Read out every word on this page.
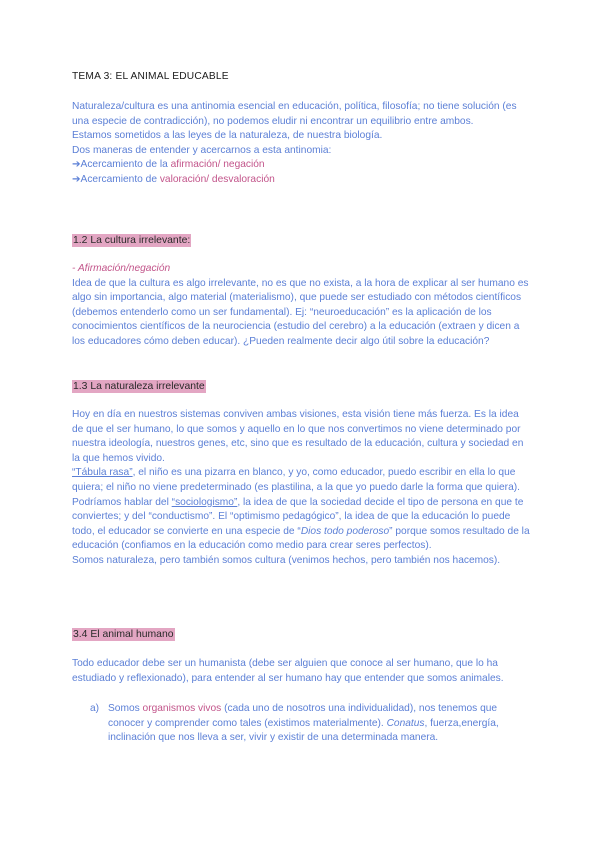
TEMA 3: EL ANIMAL EDUCABLE

Naturaleza/cultura es una antinomia esencial en educación, política, filosofía; no tiene solución (es una especie de contradicción), no podemos eludir ni encontrar un equilibrio entre ambos.

Estamos sometidos a las leyes de la naturaleza, de nuestra biología.

Dos maneras de entender y acercarnos a esta antinomia:

➔Acercamiento de la afirmación/ negación

➔Acercamiento de valoración/ desvaloración

1.2 La cultura irrelevante:

- Afirmación/negación

Idea de que la cultura es algo irrelevante, no es que no exista, a la hora de explicar al ser humano es algo sin importancia, algo material (materialismo), que puede ser estudiado con métodos científicos (debemos entenderlo como un ser fundamental). Ej: “neuroeducación” es la aplicación de los conocimientos científicos de la neurociencia (estudio del cerebro) a la educación (extraen y dicen a los educadores cómo deben educar). ¿Pueden realmente decir algo útil sobre la educación?

1.3 La naturaleza irrelevante

Hoy en día en nuestros sistemas conviven ambas visiones, esta visión tiene más fuerza. Es la idea de que el ser humano, lo que somos y aquello en lo que nos convertimos no viene determinado por nuestra ideología, nuestros genes, etc, sino que es resultado de la educación, cultura y sociedad en la que hemos vivido.

“Tábula rasa”, el niño es una pizarra en blanco, y yo, como educador, puedo escribir en ella lo que quiera; el niño no viene predeterminado (es plastilina, a la que yo puedo darle la forma que quiera).

Podríamos hablar del “sociologismo”, la idea de que la sociedad decide el tipo de persona en que te conviertes; y del “conductismo”. El “optimismo pedagógico”, la idea de que la educación lo puede todo, el educador se convierte en una especie de “Dios todo poderoso” porque somos resultado de la educación (confiamos en la educación como medio para crear seres perfectos).

Somos naturaleza, pero también somos cultura (venimos hechos, pero también nos hacemos).

3.4 El animal humano
Todo educador debe ser un humanista (debe ser alguien que conoce al ser humano, que lo ha estudiado y reflexionado), para entender al ser humano hay que entender que somos animales.
a) Somos organismos vivos (cada uno de nosotros una individualidad), nos tenemos que conocer y comprender como tales (existimos materialmente). Conatus, fuerza,energía, inclinación que nos lleva a ser, vivir y existir de una determinada manera.
